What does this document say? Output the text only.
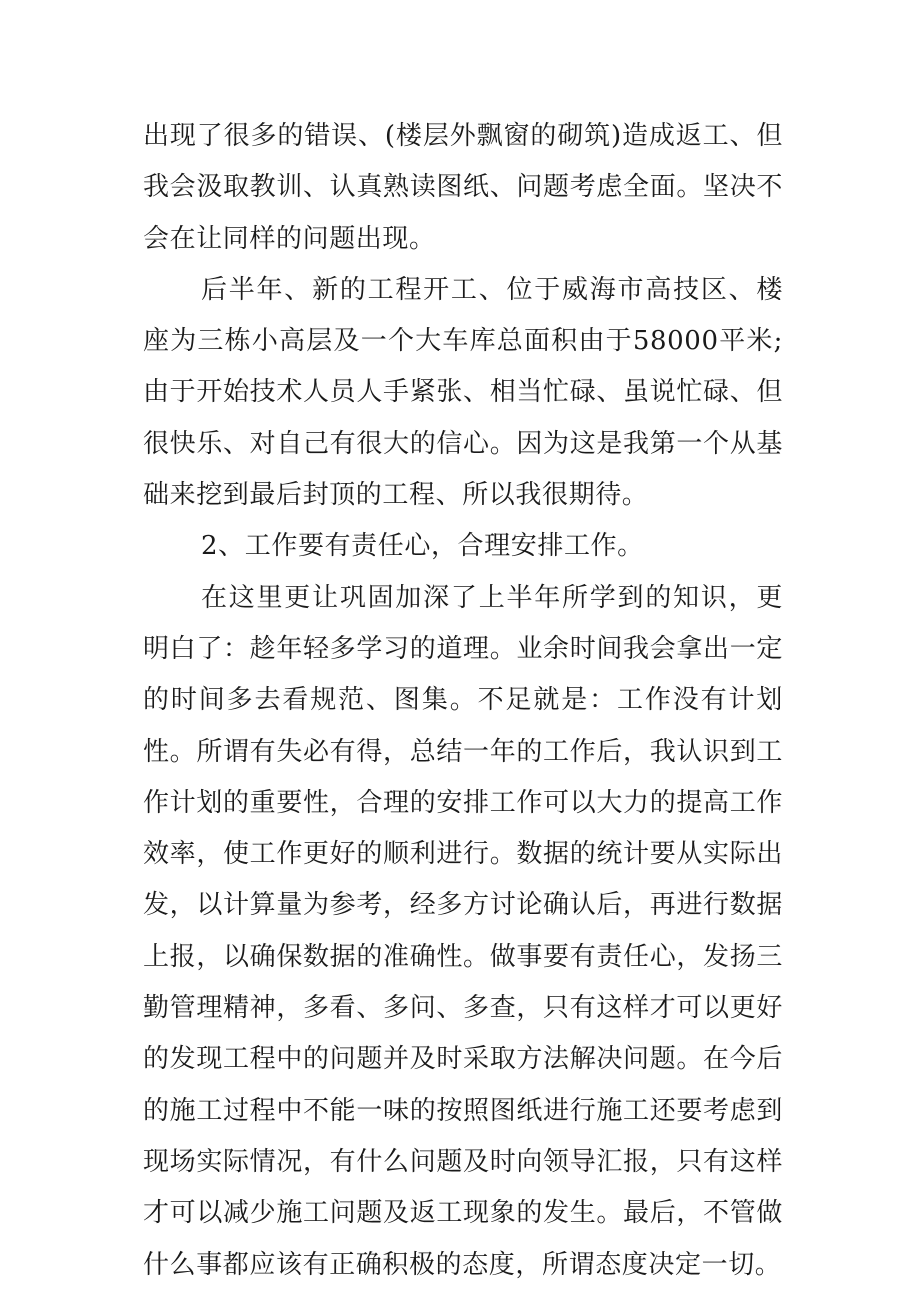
出现了很多的错误、(楼层外飘窗的砌筑)造成返工、但我会汲取教训、认真熟读图纸、问题考虑全面。坚决不会在让同样的问题出现。

后半年、新的工程开工、位于威海市高技区、楼座为三栋小高层及一个大车库总面积由于58000平米;由于开始技术人员人手紧张、相当忙碌、虽说忙碌、但很快乐、对自己有很大的信心。因为这是我第一个从基础来挖到最后封顶的工程、所以我很期待。

2、工作要有责任心，合理安排工作。

在这里更让巩固加深了上半年所学到的知识，更明白了：趁年轻多学习的道理。业余时间我会拿出一定的时间多去看规范、图集。不足就是：工作没有计划性。所谓有失必有得，总结一年的工作后，我认识到工作计划的重要性，合理的安排工作可以大力的提高工作效率，使工作更好的顺利进行。数据的统计要从实际出发，以计算量为参考，经多方讨论确认后，再进行数据上报，以确保数据的准确性。做事要有责任心，发扬三勤管理精神，多看、多问、多查，只有这样才可以更好的发现工程中的问题并及时采取方法解决问题。在今后的施工过程中不能一味的按照图纸进行施工还要考虑到现场实际情况，有什么问题及时向领导汇报，只有这样才可以减少施工问题及返工现象的发生。最后，不管做什么事都应该有正确积极的态度，所谓态度决定一切。
